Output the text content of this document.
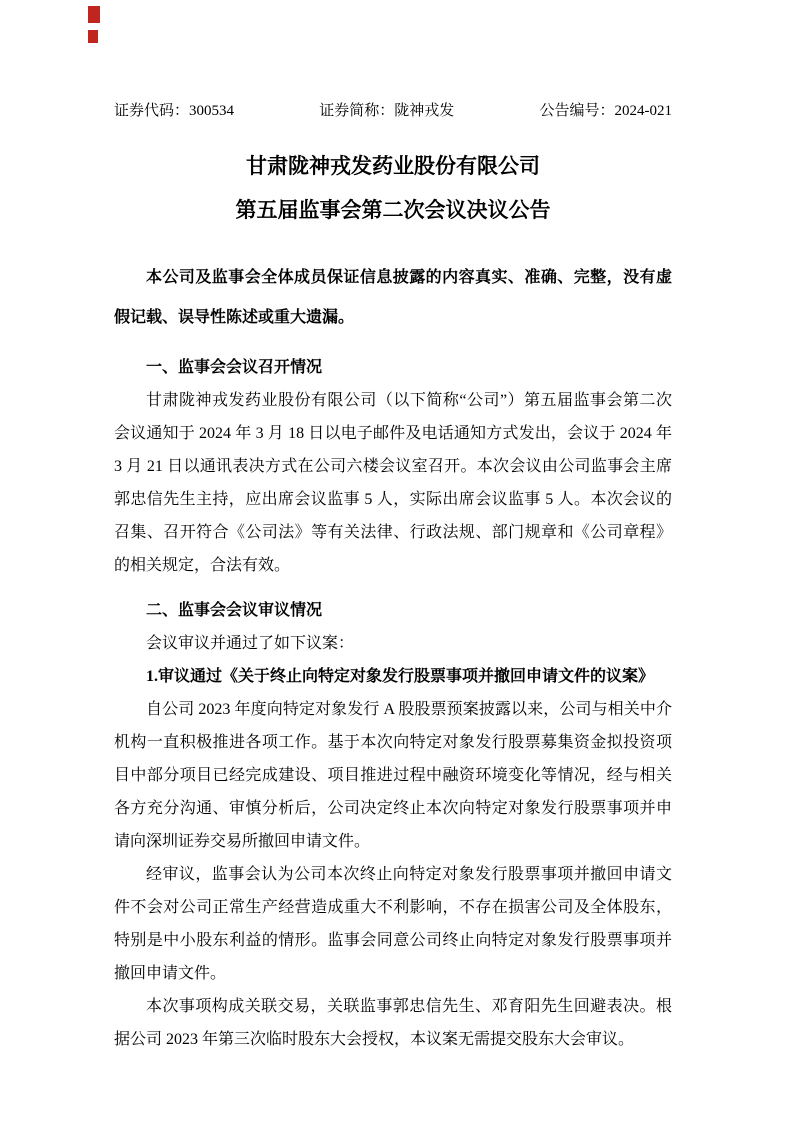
证券代码：300534	证券简称：陇神戎发	公告编号：2024-021

甘肃陇神戎发药业股份有限公司

第五届监事会第二次会议决议公告

本公司及监事会全体成员保证信息披露的内容真实、准确、完整，没有虚假记载、误导性陈述或重大遗漏。

一、监事会会议召开情况

甘肃陇神戎发药业股份有限公司（以下简称“公司”）第五届监事会第二次会议通知于 2024 年 3 月 18 日以电子邮件及电话通知方式发出，会议于 2024 年 3 月 21 日以通讯表决方式在公司六楼会议室召开。本次会议由公司监事会主席郭忠信先生主持，应出席会议监事 5 人，实际出席会议监事 5 人。本次会议的召集、召开符合《公司法》等有关法律、行政法规、部门规章和《公司章程》的相关规定，合法有效。

二、监事会会议审议情况

会议审议并通过了如下议案：

1.审议通过《关于终止向特定对象发行股票事项并撤回申请文件的议案》

自公司 2023 年度向特定对象发行 A 股股票预案披露以来，公司与相关中介机构一直积极推进各项工作。基于本次向特定对象发行股票募集资金拟投资项目中部分项目已经完成建设、项目推进过程中融资环境变化等情况，经与相关各方充分沟通、审慎分析后，公司决定终止本次向特定对象发行股票事项并申请向深圳证券交易所撤回申请文件。

经审议，监事会认为公司本次终止向特定对象发行股票事项并撤回申请文件不会对公司正常生产经营造成重大不利影响，不存在损害公司及全体股东，特别是中小股东利益的情形。监事会同意公司终止向特定对象发行股票事项并撤回申请文件。

本次事项构成关联交易，关联监事郭忠信先生、邓育阳先生回避表决。根据公司 2023 年第三次临时股东大会授权，本议案无需提交股东大会审议。
